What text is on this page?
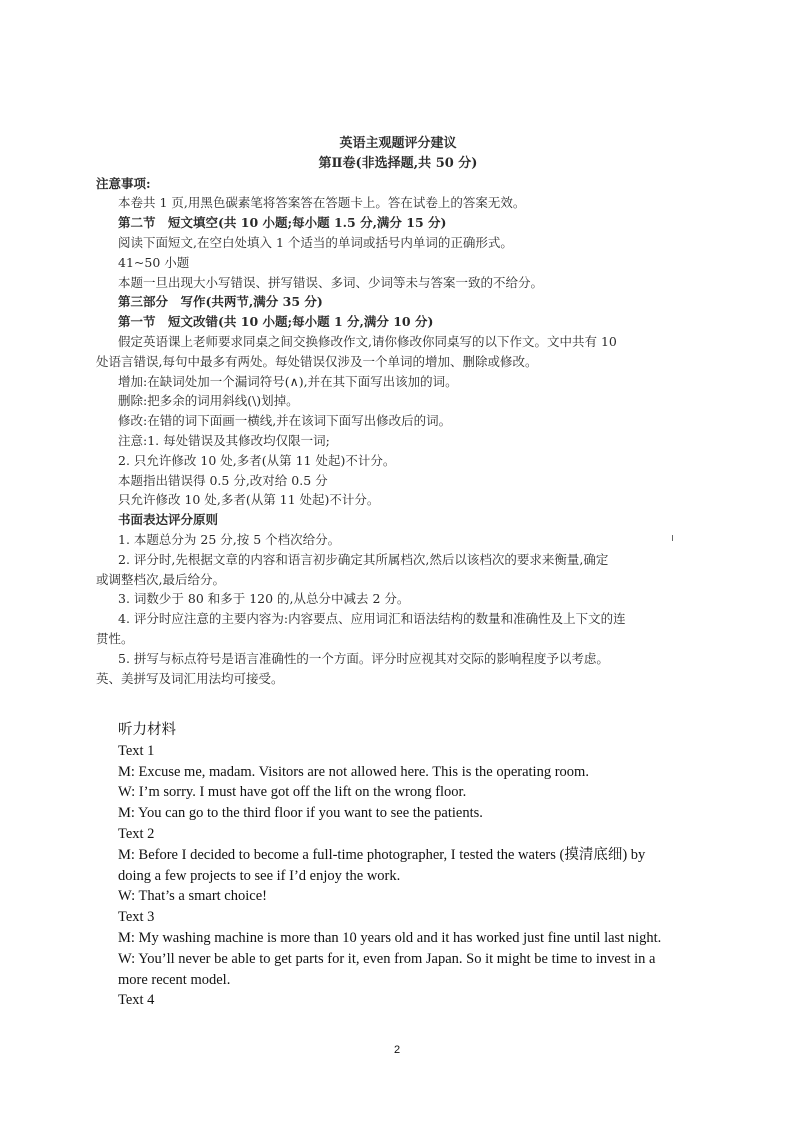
英语主观题评分建议
第Ⅱ卷(非选择题,共 50 分)
注意事项:
本卷共 1 页,用黑色碳素笔将答案答在答题卡上。答在试卷上的答案无效。
第二节　短文填空(共 10 小题;每小题 1.5 分,满分 15 分)
阅读下面短文,在空白处填入 1 个适当的单词或括号内单词的正确形式。
41~50 小题
本题一旦出现大小写错误、拼写错误、多词、少词等未与答案一致的不给分。
第三部分　写作(共两节,满分 35 分)
第一节　短文改错(共 10 小题;每小题 1 分,满分 10 分)
假定英语课上老师要求同桌之间交换修改作文,请你修改你同桌写的以下作文。文中共有 10
处语言错误,每句中最多有两处。每处错误仅涉及一个单词的增加、删除或修改。
增加:在缺词处加一个漏词符号(∧),并在其下面写出该加的词。
删除:把多余的词用斜线(\)划掉。
修改:在错的词下面画一横线,并在该词下面写出修改后的词。
注意:1. 每处错误及其修改均仅限一词;
2. 只允许修改 10 处,多者(从第 11 处起)不计分。
本题指出错误得 0.5 分,改对给 0.5 分
只允许修改 10 处,多者(从第 11 处起)不计分。
书面表达评分原则
1. 本题总分为 25 分,按 5 个档次给分。
2. 评分时,先根据文章的内容和语言初步确定其所属档次,然后以该档次的要求来衡量,确定
或调整档次,最后给分。
3. 词数少于 80 和多于 120 的,从总分中减去 2 分。
4. 评分时应注意的主要内容为:内容要点、应用词汇和语法结构的数量和准确性及上下文的连
贯性。
5. 拼写与标点符号是语言准确性的一个方面。评分时应视其对交际的影响程度予以考虑。
英、美拼写及词汇用法均可接受。
听力材料
Text 1
M: Excuse me, madam. Visitors are not allowed here. This is the operating room.
W: I’m sorry. I must have got off the lift on the wrong floor.
M: You can go to the third floor if you want to see the patients.
Text 2
M: Before I decided to become a full-time photographer, I tested the waters (摸清底细) by doing a few projects to see if I’d enjoy the work.
W: That’s a smart choice!
Text 3
M: My washing machine is more than 10 years old and it has worked just fine until last night.
W: You’ll never be able to get parts for it, even from Japan. So it might be time to invest in a more recent model.
Text 4
2
